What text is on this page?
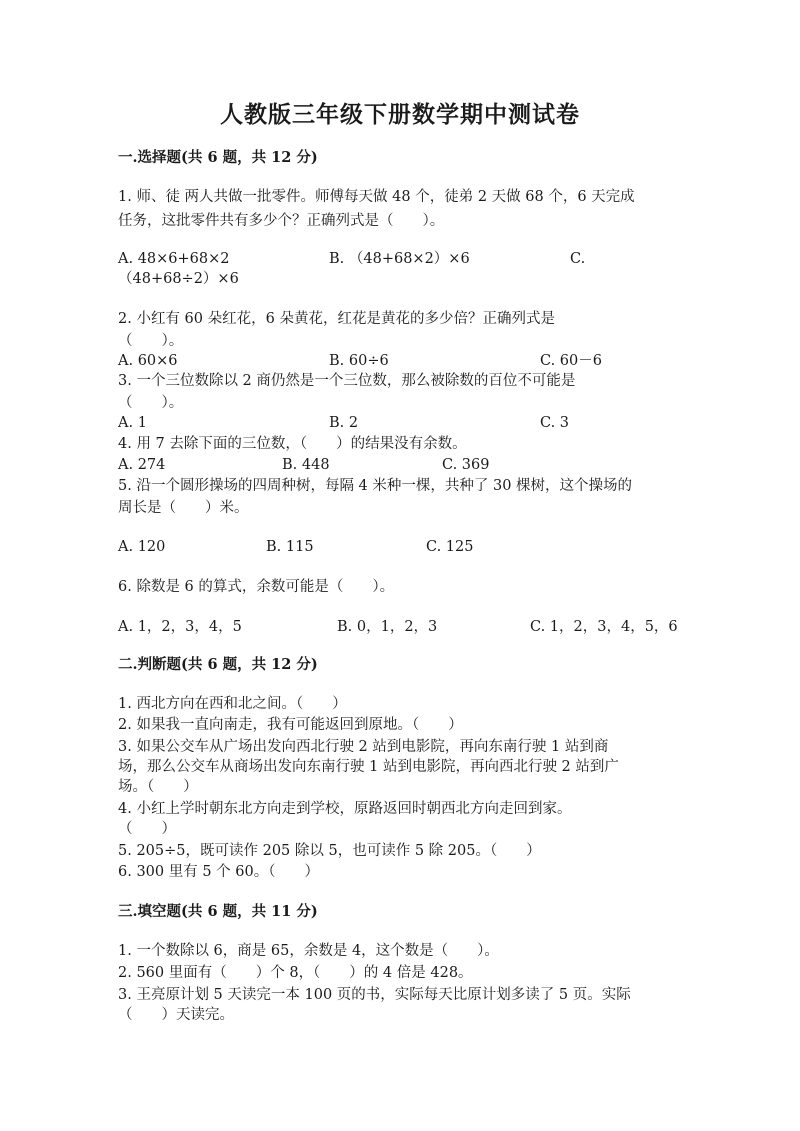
人教版三年级下册数学期中测试卷
一.选择题(共 6 题，共 12 分)
1. 师、徒 两人共做一批零件。师傅每天做 48 个，徒弟 2 天做 68 个，6 天完成
任务，这批零件共有多少个？正确列式是（　　）。
A. 48×6+68×2	B. （48+68×2）×6	C.
（48+68÷2）×6
2. 小红有 60 朵红花，6 朵黄花，红花是黄花的多少倍？正确列式是
（　　）。
A. 60×6	B. 60÷6	C. 60－6
3. 一个三位数除以 2 商仍然是一个三位数，那么被除数的百位不可能是
（　　）。
A. 1	B. 2	C. 3
4. 用 7 去除下面的三位数，（　　）的结果没有余数。
A. 274	B. 448	C. 369
5. 沿一个圆形操场的四周种树，每隔 4 米种一棵，共种了 30 棵树，这个操场的
周长是（　　）米。
A. 120	B. 115	C. 125
6. 除数是 6 的算式，余数可能是（　　）。
A. 1，2，3，4，5	B. 0，1，2，3	C. 1，2，3，4，5，6
二.判断题(共 6 题，共 12 分)
1. 西北方向在西和北之间。（　　）
2. 如果我一直向南走，我有可能返回到原地。（　　）
3. 如果公交车从广场出发向西北行驶 2 站到电影院，再向东南行驶 1 站到商
场，那么公交车从商场出发向东南行驶 1 站到电影院，再向西北行驶 2 站到广
场。（　　）
4. 小红上学时朝东北方向走到学校，原路返回时朝西北方向走回到家。
（　　）
5. 205÷5，既可读作 205 除以 5，也可读作 5 除 205。（　　）
6. 300 里有 5 个 60。（　　）
三.填空题(共 6 题，共 11 分)
1. 一个数除以 6，商是 65，余数是 4，这个数是（　　）。
2. 560 里面有（　　）个 8，（　　）的 4 倍是 428。
3. 王亮原计划 5 天读完一本 100 页的书，实际每天比原计划多读了 5 页。实际
（　　）天读完。
